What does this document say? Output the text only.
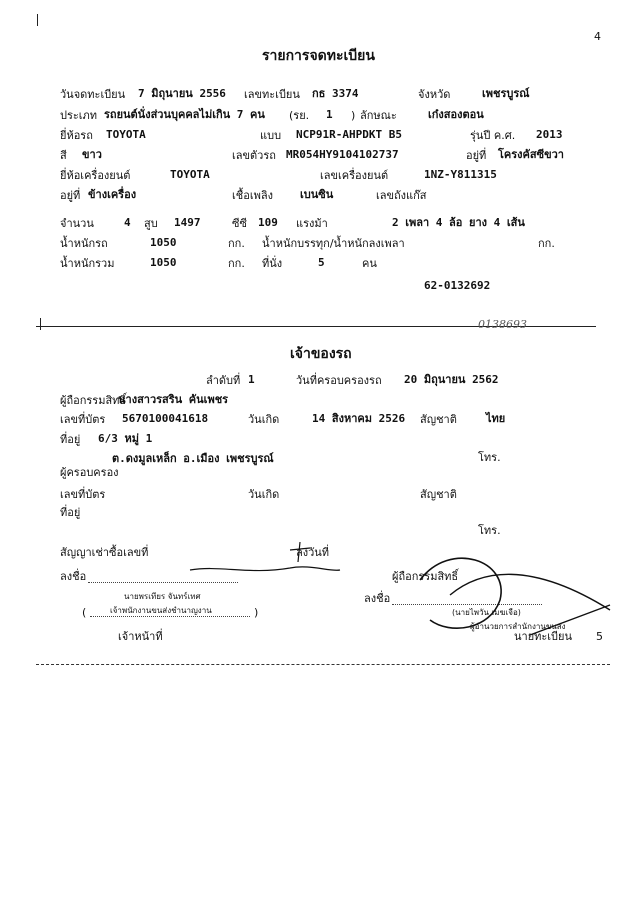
4
รายการจดทะเบียน
วันจดทะเบียน 7 มิถุนายน 2556 เลขทะเบียน กธ 3374	จังหวัด	เพชรบูรณ์
ประเภท รถยนต์นั่งส่วนบุคคลไม่เกิน 7 คน (รย. 1 ) ลักษณะ	เก๋งสองตอน
ยี่ห้อรถ TOYOTA	แบบ NCP91R-AHPDKT B5	รุ่นปี ค.ศ. 2013
สี ขาว	เลขตัวรถ MR054HY9104102737	อยู่ที่ โครงคัสซีขวา
ยี่ห้อเครื่องยนต์	TOYOTA	เลขเครื่องยนต์	1NZ-Y811315
อยู่ที่ ข้างเครื่อง	เชื้อเพลิง เบนซิน	เลขถังแก๊ส
จำนวน	4 สูบ 1497	ซีซี 109 แรงม้า	2 เพลา 4 ล้อ ยาง 4 เส้น
น้ำหนักรถ	1050	กก. น้ำหนักบรรทุก/น้ำหนักลงเพลา	กก.
น้ำหนักรวม	1050	กก. ที่นั่ง	5	คน
62-0132692
0138693
เจ้าของรถ
ลำดับที่ 1	วันที่ครอบครองรถ 20 มิถุนายน 2562
ผู้ถือกรรมสิทธิ์
นางสาวรสริน คันเพชร
เลขที่บัตร 5670100041618	วันเกิด	14 สิงหาคม 2526 สัญชาติ	ไทย
ที่อยู่ 6/3 หมู่ 1
ต.ดงมูลเหล็ก อ.เมือง เพชรบูรณ์	โทร.
ผู้ครอบครอง
เลขที่บัตร	วันเกิด	สัญชาติ
ที่อยู่
โทร.
สัญญาเช่าซื้อเลขที่	ลงวันที่
ลงชื่อ	ผู้ถือกรรมสิทธิ์
ลงชื่อ
นายพรเทียร จันทร์เทศ
(	)
เจ้าพนักงานขนส่งชำนาญงาน
เจ้าหน้าที่
(นายไพวัน เมฆเจือ)
ผู้อำนวยการสำนักงานขนส่ง
นายทะเบียน 5
